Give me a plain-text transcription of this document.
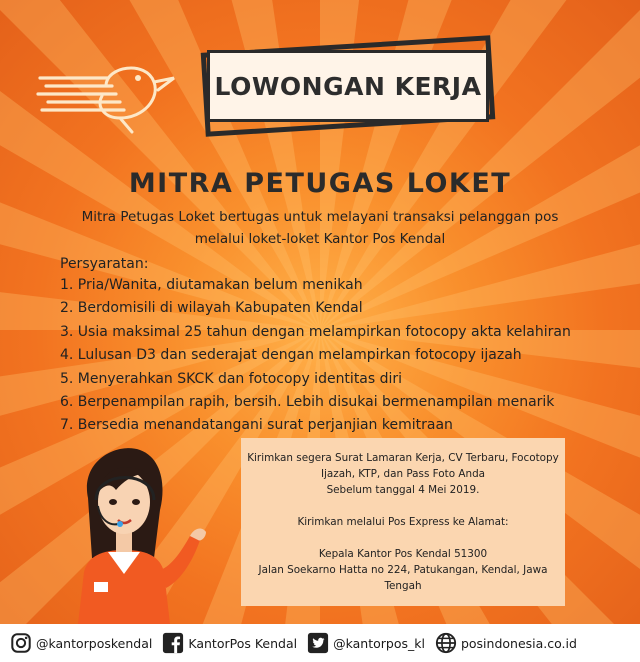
LOWONGAN KERJA
MITRA PETUGAS LOKET
Mitra Petugas Loket bertugas untuk melayani transaksi pelanggan pos
melalui loket-loket Kantor Pos Kendal
Persyaratan:
1. Pria/Wanita, diutamakan belum menikah
2. Berdomisili di wilayah Kabupaten Kendal
3. Usia maksimal 25 tahun dengan melampirkan fotocopy akta kelahiran
4. Lulusan D3 dan sederajat dengan melampirkan fotocopy ijazah
5. Menyerahkan SKCK dan fotocopy identitas diri
6. Berpenampilan rapih, bersih. Lebih disukai bermenampilan menarik
7. Bersedia menandatangani surat perjanjian kemitraan

Kirimkan segera Surat Lamaran Kerja, CV Terbaru, Focotopy

Ijazah, KTP, dan Pass Foto Anda

Sebelum tanggal 4 Mei 2019.

Kirimkan melalui Pos Express ke Alamat:

Kepala Kantor Pos Kendal 51300

Jalan Soekarno Hatta no 224, Patukangan, Kendal, Jawa

Tengah

@kantorposkendal	KantorPos Kendal	@kantorpos_kl	posindonesia.co.id
